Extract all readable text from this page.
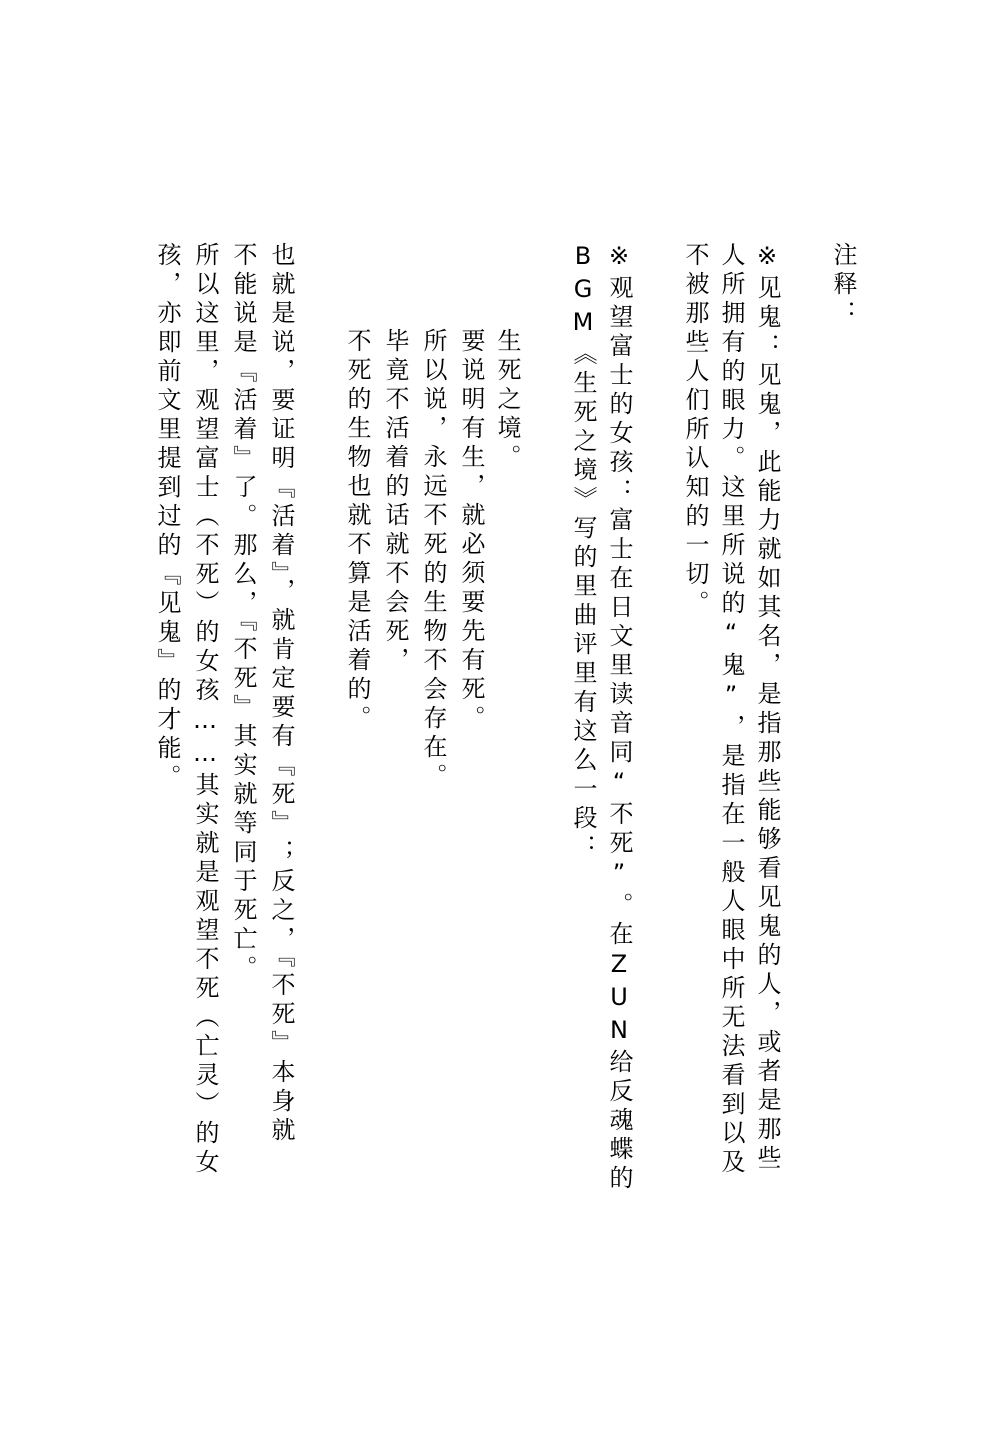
注释：

※见鬼：见鬼，此能力就如其名，是指那些能够看见鬼的人，或者是那些

人所拥有的眼力。这里所说的“鬼”，是指在一般人眼中所无法看到以及

不被那些人们所认知的一切。

※观望富士的女孩：富士在日文里读音同“不死”。在ZUN给反魂蝶的

BGM《生死之境》写的里曲评里有这么一段：

生死之境。

要说明有生，就必须要先有死。

所以说，永远不死的生物不会存在。

毕竟不活着的话就不会死，

不死的生物也就不算是活着的。

也就是说，要证明『活着』，就肯定要有『死』；反之，『不死』本身就

不能说是『活着』了。那么，『不死』其实就等同于死亡。

所以这里，观望富士（不死）的女孩……其实就是观望不死（亡灵）的女

孩，亦即前文里提到过的『见鬼』的才能。
